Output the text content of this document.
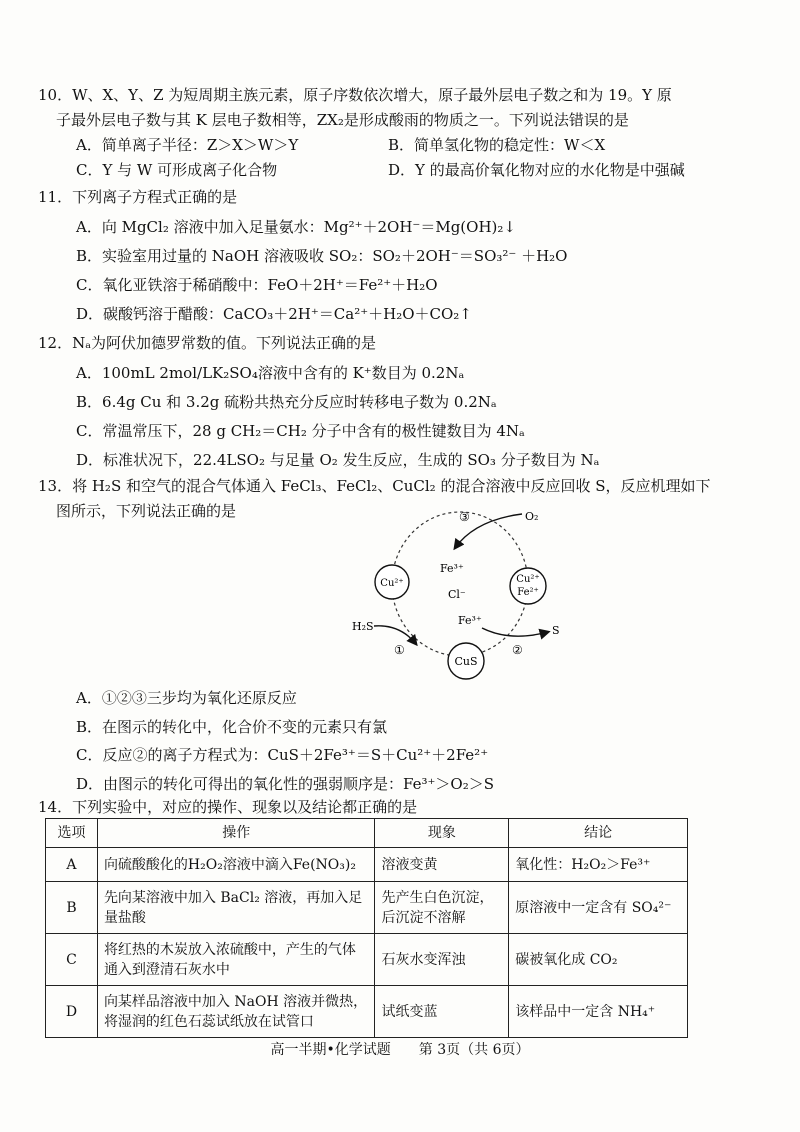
10．W、X、Y、Z 为短周期主族元素，原子序数依次增大，原子最外层电子数之和为 19。Y 原
子最外层电子数与其 K 层电子数相等，ZX₂是形成酸雨的物质之一。下列说法错误的是
A．简单离子半径：Z＞X＞W＞Y	B．简单氢化物的稳定性：W＜X
C．Y 与 W 可形成离子化合物	D．Y 的最高价氧化物对应的水化物是中强碱
11．下列离子方程式正确的是
A．向 MgCl₂ 溶液中加入足量氨水：Mg²⁺＋2OH⁻＝Mg(OH)₂↓
B．实验室用过量的 NaOH 溶液吸收 SO₂：SO₂＋2OH⁻＝SO₃²⁻ ＋H₂O
C．氧化亚铁溶于稀硝酸中：FeO＋2H⁺＝Fe²⁺＋H₂O
D．碳酸钙溶于醋酸：CaCO₃＋2H⁺＝Ca²⁺＋H₂O＋CO₂↑
12．Nₐ为阿伏加德罗常数的值。下列说法正确的是
A．100mL 2mol/LK₂SO₄溶液中含有的 K⁺数目为 0.2Nₐ
B．6.4g Cu 和 3.2g 硫粉共热充分反应时转移电子数为 0.2Nₐ
C．常温常压下，28 g CH₂＝CH₂ 分子中含有的极性键数目为 4Nₐ
D．标准状况下，22.4LSO₂ 与足量 O₂ 发生反应，生成的 SO₃ 分子数目为 Nₐ
13．将 H₂S 和空气的混合气体通入 FeCl₃、FeCl₂、CuCl₂ 的混合溶液中反应回收 S，反应机理如下
图所示，下列说法正确的是
Cu²⁺	Cu²⁺
Fe²⁺
CuS
Fe³⁺
Cl⁻
O₂
③
H₂S
①
Fe³⁺
S
②
A．①②③三步均为氧化还原反应
B．在图示的转化中，化合价不变的元素只有氯
C．反应②的离子方程式为：CuS＋2Fe³⁺＝S＋Cu²⁺＋2Fe²⁺
D．由图示的转化可得出的氧化性的强弱顺序是：Fe³⁺＞O₂＞S
14．下列实验中，对应的操作、现象以及结论都正确的是
选项	操作	现象	结论
A	向硫酸酸化的H₂O₂溶液中滴入Fe(NO₃)₂	溶液变黄	氧化性：H₂O₂＞Fe³⁺
B	先向某溶液中加入 BaCl₂ 溶液，再加入足量盐酸	先产生白色沉淀，后沉淀不溶解	原溶液中一定含有 SO₄²⁻
C	将红热的木炭放入浓硫酸中，产生的气体通入到澄清石灰水中	石灰水变浑浊	碳被氧化成 CO₂
D	向某样品溶液中加入 NaOH 溶液并微热，将湿润的红色石蕊试纸放在试管口	试纸变蓝	该样品中一定含 NH₄⁺
高一半期•化学试题　　第 3页（共 6页）
